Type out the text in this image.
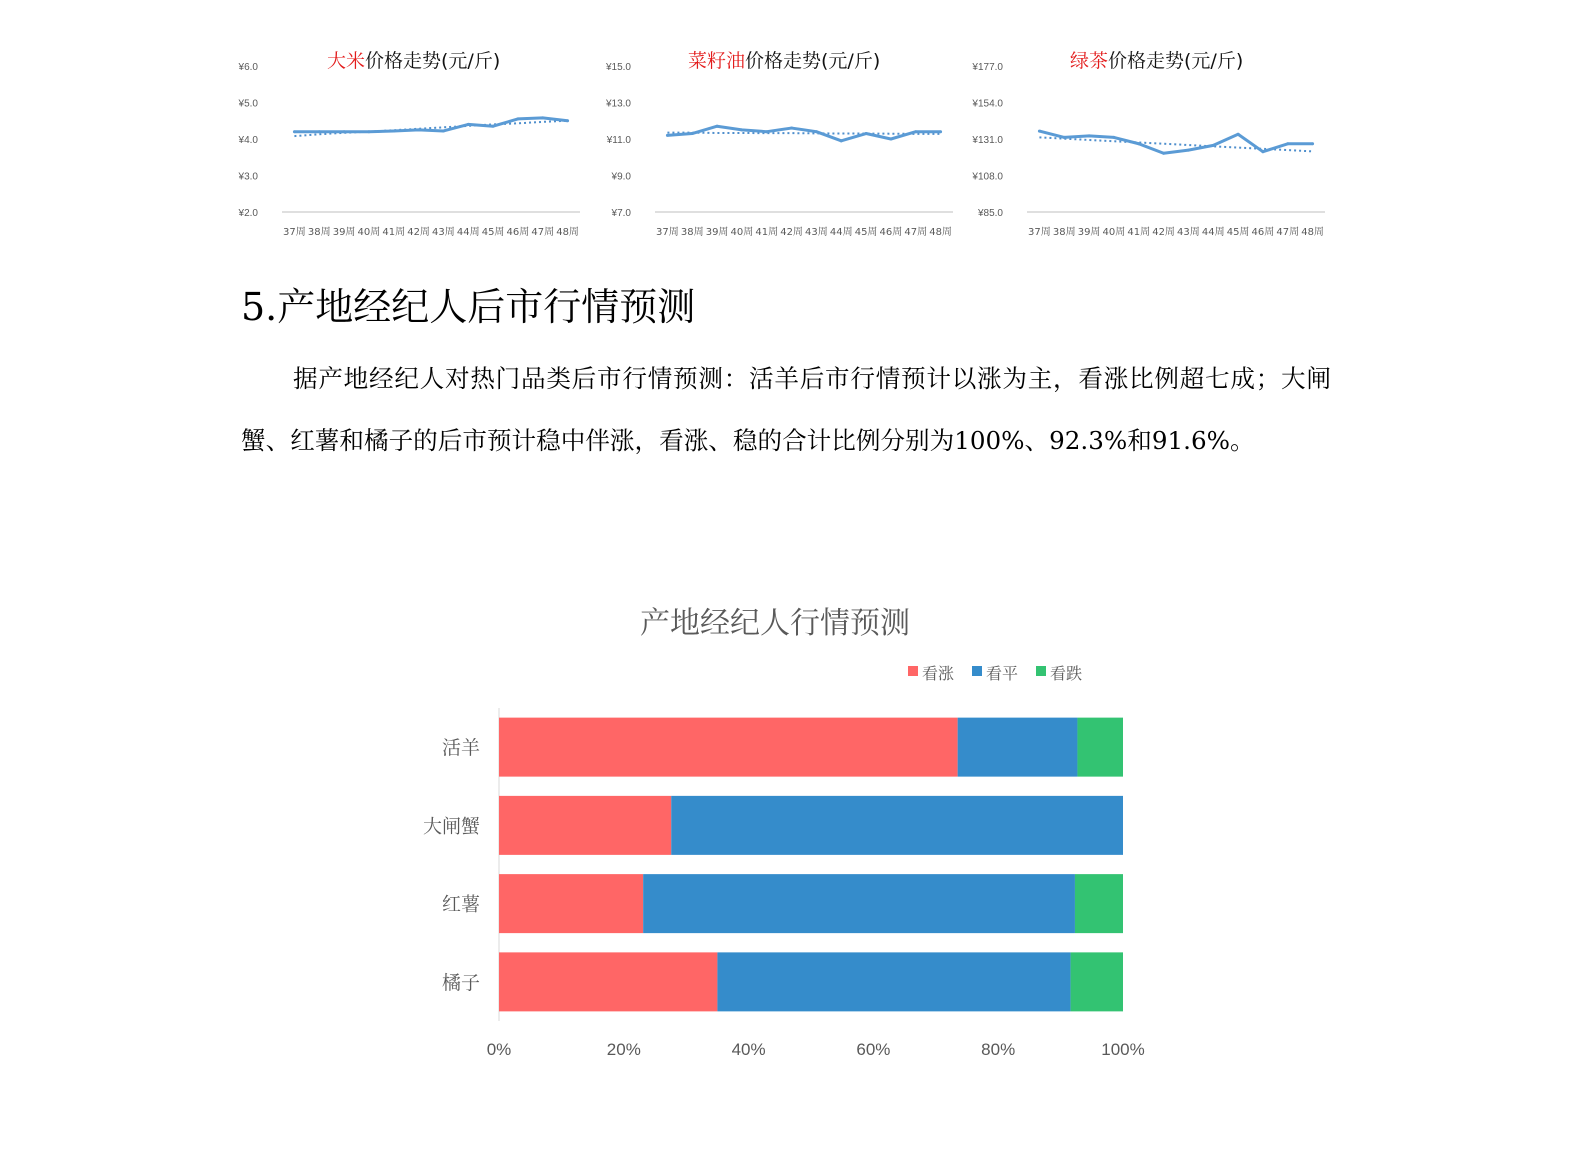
大米价格走势(元/斤)
¥6.0
¥5.0
¥4.0
¥3.0
¥2.0
37周 38周 39周 40周 41周 42周 43周 44周 45周 46周 47周 48周
菜籽油价格走势(元/斤)
¥15.0
¥13.0
¥11.0
¥9.0
¥7.0
37周 38周 39周 40周 41周 42周 43周 44周 45周 46周 47周 48周
绿茶价格走势(元/斤)
¥177.0
¥154.0
¥131.0
¥108.0
¥85.0
37周 38周 39周 40周 41周 42周 43周 44周 45周 46周 47周 48周
5.产地经纪人后市行情预测

据产地经纪人对热门品类后市行情预测：活羊后市行情预计以涨为主，看涨比例超七成；大闸蟹、红薯和橘子的后市预计稳中伴涨，看涨、稳的合计比例分别为100%、92.3%和91.6%。

产地经纪人行情预测
看涨 看平 看跌
活羊
大闸蟹
红薯
橘子
0%	20%	40%	60%	80%	100%
